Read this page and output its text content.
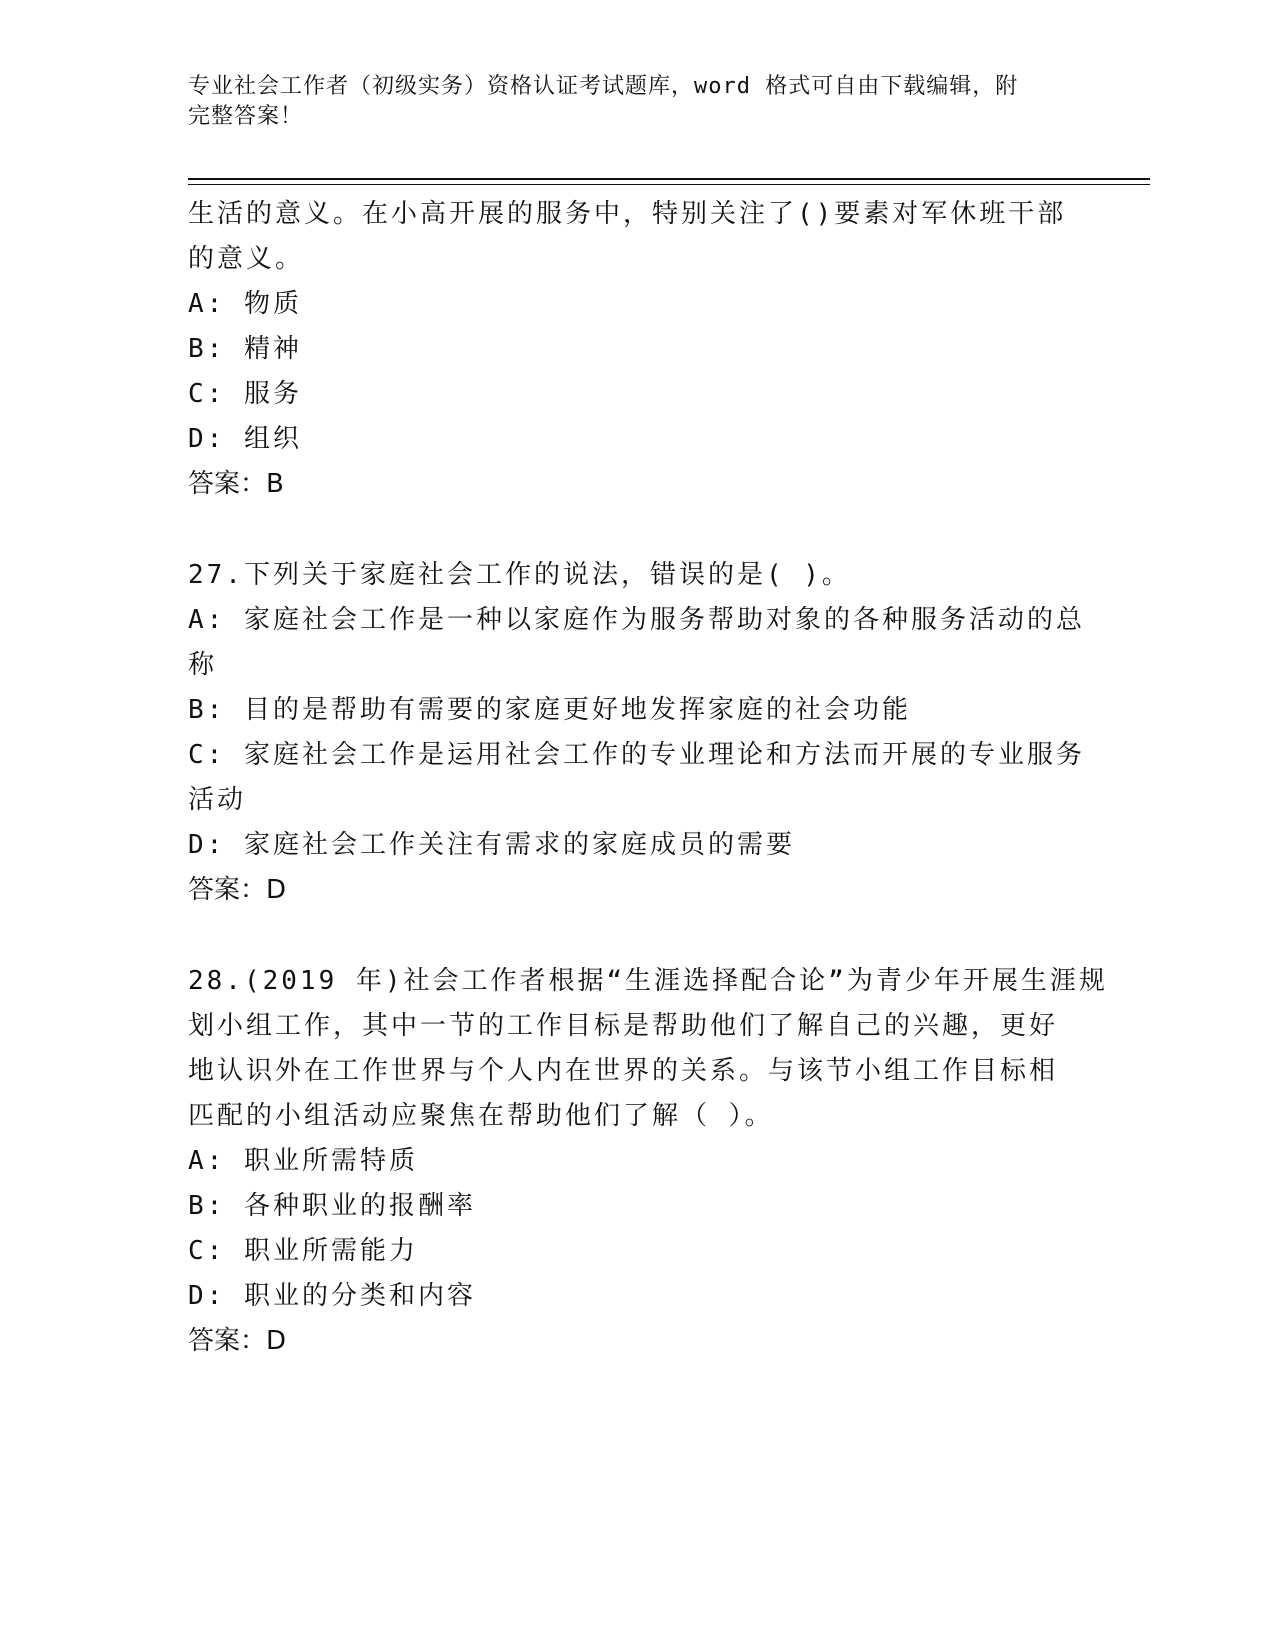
专业社会工作者（初级实务）资格认证考试题库，word 格式可自由下载编辑，附
完整答案！
生活的意义。在小高开展的服务中，特别关注了()要素对军休班干部
的意义。
A: 物质
B: 精神
C: 服务
D: 组织
答案：B
27.下列关于家庭社会工作的说法，错误的是( )。
A: 家庭社会工作是一种以家庭作为服务帮助对象的各种服务活动的总
称
B: 目的是帮助有需要的家庭更好地发挥家庭的社会功能
C: 家庭社会工作是运用社会工作的专业理论和方法而开展的专业服务
活动
D: 家庭社会工作关注有需求的家庭成员的需要
答案：D
28.(2019 年)社会工作者根据“生涯选择配合论”为青少年开展生涯规
划小组工作，其中一节的工作目标是帮助他们了解自己的兴趣，更好
地认识外在工作世界与个人内在世界的关系。与该节小组工作目标相
匹配的小组活动应聚焦在帮助他们了解（ ）。
A: 职业所需特质
B: 各种职业的报酬率
C: 职业所需能力
D: 职业的分类和内容
答案：D
